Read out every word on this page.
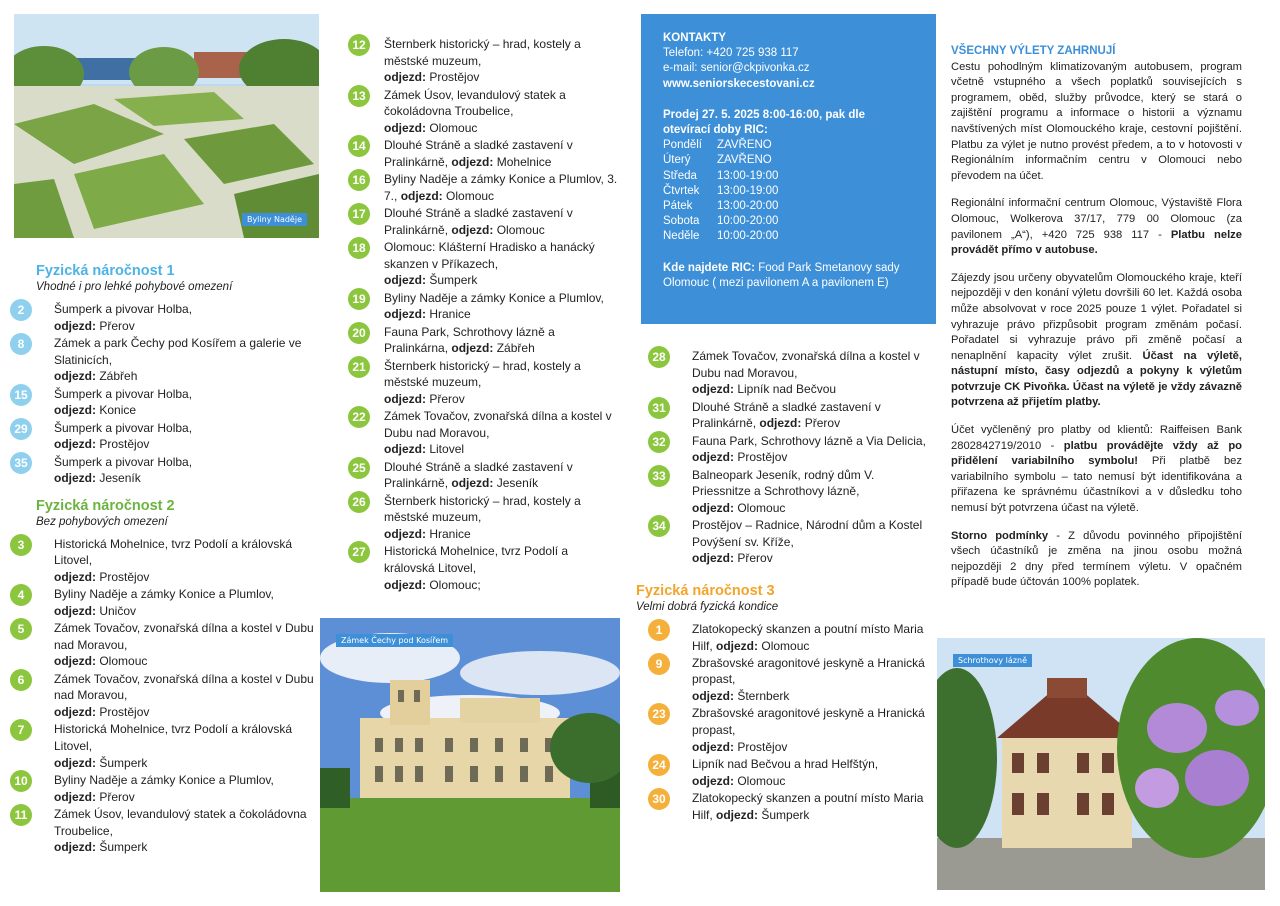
Byliny Naděje
Fyzická náročnost 1

Vhodné i pro lehké pohybové omezení

2	Šumperk a pivovar Holba,
odjezd: Přerov
8	Zámek a park Čechy pod Kosířem a galerie ve Slatinicích,
odjezd: Zábřeh
15	Šumperk a pivovar Holba,
odjezd: Konice
29	Šumperk a pivovar Holba,
odjezd: Prostějov
35	Šumperk a pivovar Holba,
odjezd: Jeseník
Fyzická náročnost 2

Bez pohybových omezení

3	Historická Mohelnice, tvrz Podolí a královská Litovel,
odjezd: Prostějov
4	Byliny Naděje a zámky Konice a Plumlov, odjezd: Uničov
5	Zámek Tovačov, zvonařská dílna a kostel v Dubu nad Moravou,
odjezd: Olomouc
6	Zámek Tovačov, zvonařská dílna a kostel v Dubu nad Moravou,
odjezd: Prostějov
7	Historická Mohelnice, tvrz Podolí a královská Litovel,
odjezd: Šumperk
10	Byliny Naděje a zámky Konice a Plumlov, odjezd: Přerov
11	Zámek Úsov, levandulový statek a čokoládovna Troubelice,
odjezd: Šumperk
12	Šternberk historický – hrad, kostely a městské muzeum,
odjezd: Prostějov
13	Zámek Úsov, levandulový statek a čokoládovna Troubelice,
odjezd: Olomouc
14	Dlouhé Stráně a sladké zastavení v Pralinkárně, odjezd: Mohelnice
16	Byliny Naděje a zámky Konice a Plumlov, 3. 7., odjezd: Olomouc
17	Dlouhé Stráně a sladké zastavení v Pralinkárně, odjezd: Olomouc
18	Olomouc: Klášterní Hradisko a hanácký skanzen v Příkazech,
odjezd: Šumperk
19	Byliny Naděje a zámky Konice a Plumlov,
odjezd: Hranice
20	Fauna Park, Schrothovy lázně a Pralinkárna, odjezd: Zábřeh
21	Šternberk historický – hrad, kostely a městské muzeum,
odjezd: Přerov
22	Zámek Tovačov, zvonařská dílna a kostel v Dubu nad Moravou,
odjezd: Litovel
25	Dlouhé Stráně a sladké zastavení v Pralinkárně, odjezd: Jeseník
26	Šternberk historický – hrad, kostely a městské muzeum,
odjezd: Hranice
27	Historická Mohelnice, tvrz Podolí a královská Litovel,
odjezd: Olomouc;
Zámek Čechy pod Kosířem
KONTAKTY
Telefon: +420 725 938 117
e-mail: senior@ckpivonka.cz
www.seniorskecestovani.cz
Prodej 27. 5. 2025 8:00-16:00, pak dle otevírací doby RIC:
Pondělí	ZAVŘENO
Úterý	ZAVŘENO
Středa	13:00-19:00
Čtvrtek	13:00-19:00
Pátek	13:00-20:00
Sobota	10:00-20:00
Neděle	10:00-20:00
Kde najdete RIC: Food Park Smetanovy sady Olomouc ( mezi pavilonem A a pavilonem E)
28	Zámek Tovačov, zvonařská dílna a kostel v Dubu nad Moravou,
odjezd: Lipník nad Bečvou
31	Dlouhé Stráně a sladké zastavení v Pralinkárně, odjezd: Přerov
32	Fauna Park, Schrothovy lázně a Via Delicia, odjezd: Prostějov
33	Balneopark Jeseník, rodný dům V. Priessnitze a Schrothovy lázně,
odjezd: Olomouc
34	Prostějov – Radnice, Národní dům a Kostel Povýšení sv. Kříže,
odjezd: Přerov
Fyzická náročnost 3

Velmi dobrá fyzická kondice

1	Zlatokopecký skanzen a poutní místo Maria Hilf, odjezd: Olomouc
9	Zbrašovské aragonitové jeskyně a Hranická propast,
odjezd: Šternberk
23	Zbrašovské aragonitové jeskyně a Hranická propast,
odjezd: Prostějov
24	Lipník nad Bečvou a hrad Helfštýn,
odjezd: Olomouc
30	Zlatokopecký skanzen a poutní místo Maria Hilf, odjezd: Šumperk
VŠECHNY VÝLETY ZAHRNUJÍ

Cestu pohodlným klimatizovaným autobusem, program včetně vstupného a všech poplatků souvisejících s programem, oběd, služby průvodce, který se stará o zajištění programu a informace o historii a významu navštívených míst Olomouckého kraje, cestovní pojištění. Platbu za výlet je nutno provést předem, a to v hotovosti v Regionálním informačním centru v Olomouci nebo převodem na účet.

Regionální informační centrum Olomouc, Výstaviště Flora Olomouc, Wolkerova 37/17, 779 00 Olomouc (za pavilonem „A“), +420 725 938 117 - Platbu nelze provádět přímo v autobuse.

Zájezdy jsou určeny obyvatelům Olomouckého kraje, kteří nejpozději v den konání výletu dovršili 60 let. Každá osoba může absolvovat v roce 2025 pouze 1 výlet. Pořadatel si vyhrazuje právo přizpůsobit program změnám počasí. Pořadatel si vyhrazuje právo při změně počasí a nenaplnění kapacity výlet zrušit. Účast na výletě, nástupní místo, časy odjezdů a pokyny k výletům potvrzuje CK Pivoňka. Účast na výletě je vždy závazně potvrzena až přijetím platby.

Účet vyčleněný pro platby od klientů: Raiffeisen Bank 2802842719/2010 - platbu provádějte vždy až po přidělení variabilního symbolu! Při platbě bez variabilního symbolu – tato nemusí být identifikována a přiřazena ke správnému účastníkovi a v důsledku toho nemusí být potvrzena účast na výletě.

Storno podmínky - Z důvodu povinného připojištění všech účastníků je změna na jinou osobu možná nejpozději 2 dny před termínem výletu. V opačném případě bude účtován 100% poplatek.

Schrothovy lázně
